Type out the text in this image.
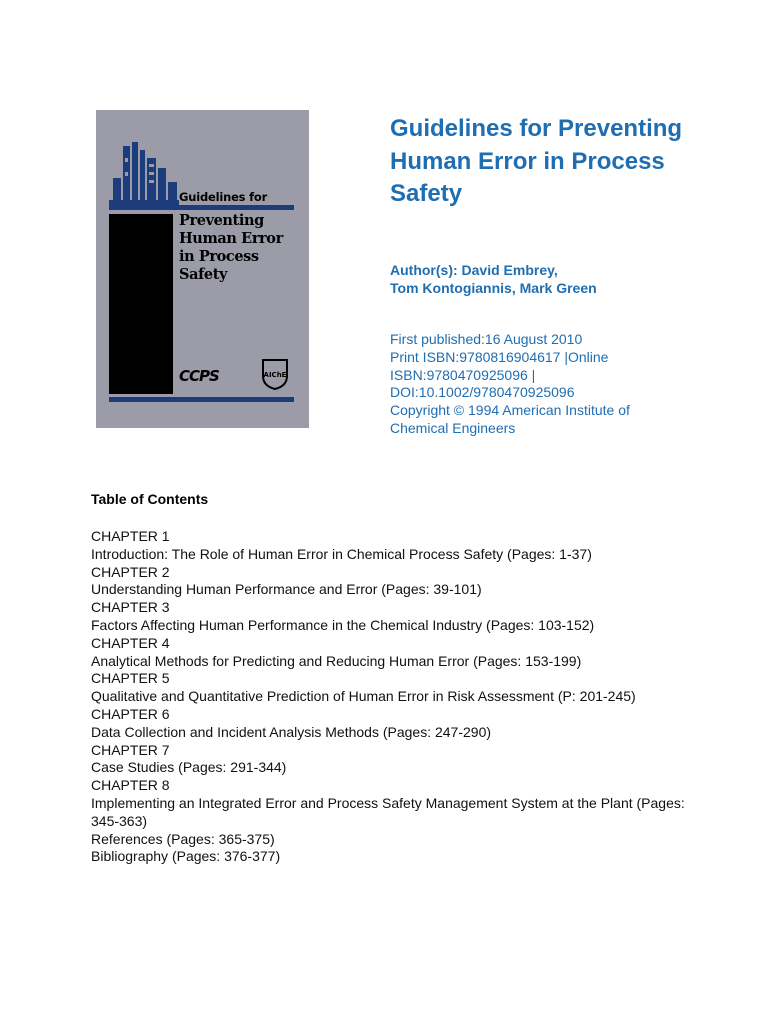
Guidelines for
Preventing
Human Error
in Process
Safety
CCPS	AIChE
Guidelines for Preventing Human Error in Process Safety
Author(s): David Embrey,
Tom Kontogiannis, Mark Green
First published:16 August 2010
Print ISBN:9780816904617 |Online
ISBN:9780470925096 |
DOI:10.1002/9780470925096
Copyright © 1994 American Institute of
Chemical Engineers
Table of Contents
CHAPTER 1
Introduction: The Role of Human Error in Chemical Process Safety (Pages: 1-37)
CHAPTER 2
Understanding Human Performance and Error (Pages: 39-101)
CHAPTER 3
Factors Affecting Human Performance in the Chemical Industry (Pages: 103-152)
CHAPTER 4
Analytical Methods for Predicting and Reducing Human Error (Pages: 153-199)
CHAPTER 5
Qualitative and Quantitative Prediction of Human Error in Risk Assessment (P: 201-245)
CHAPTER 6
Data Collection and Incident Analysis Methods (Pages: 247-290)
CHAPTER 7
Case Studies (Pages: 291-344)
CHAPTER 8
Implementing an Integrated Error and Process Safety Management System at the Plant (Pages: 345-363)
References (Pages: 365-375)
Bibliography (Pages: 376-377)
